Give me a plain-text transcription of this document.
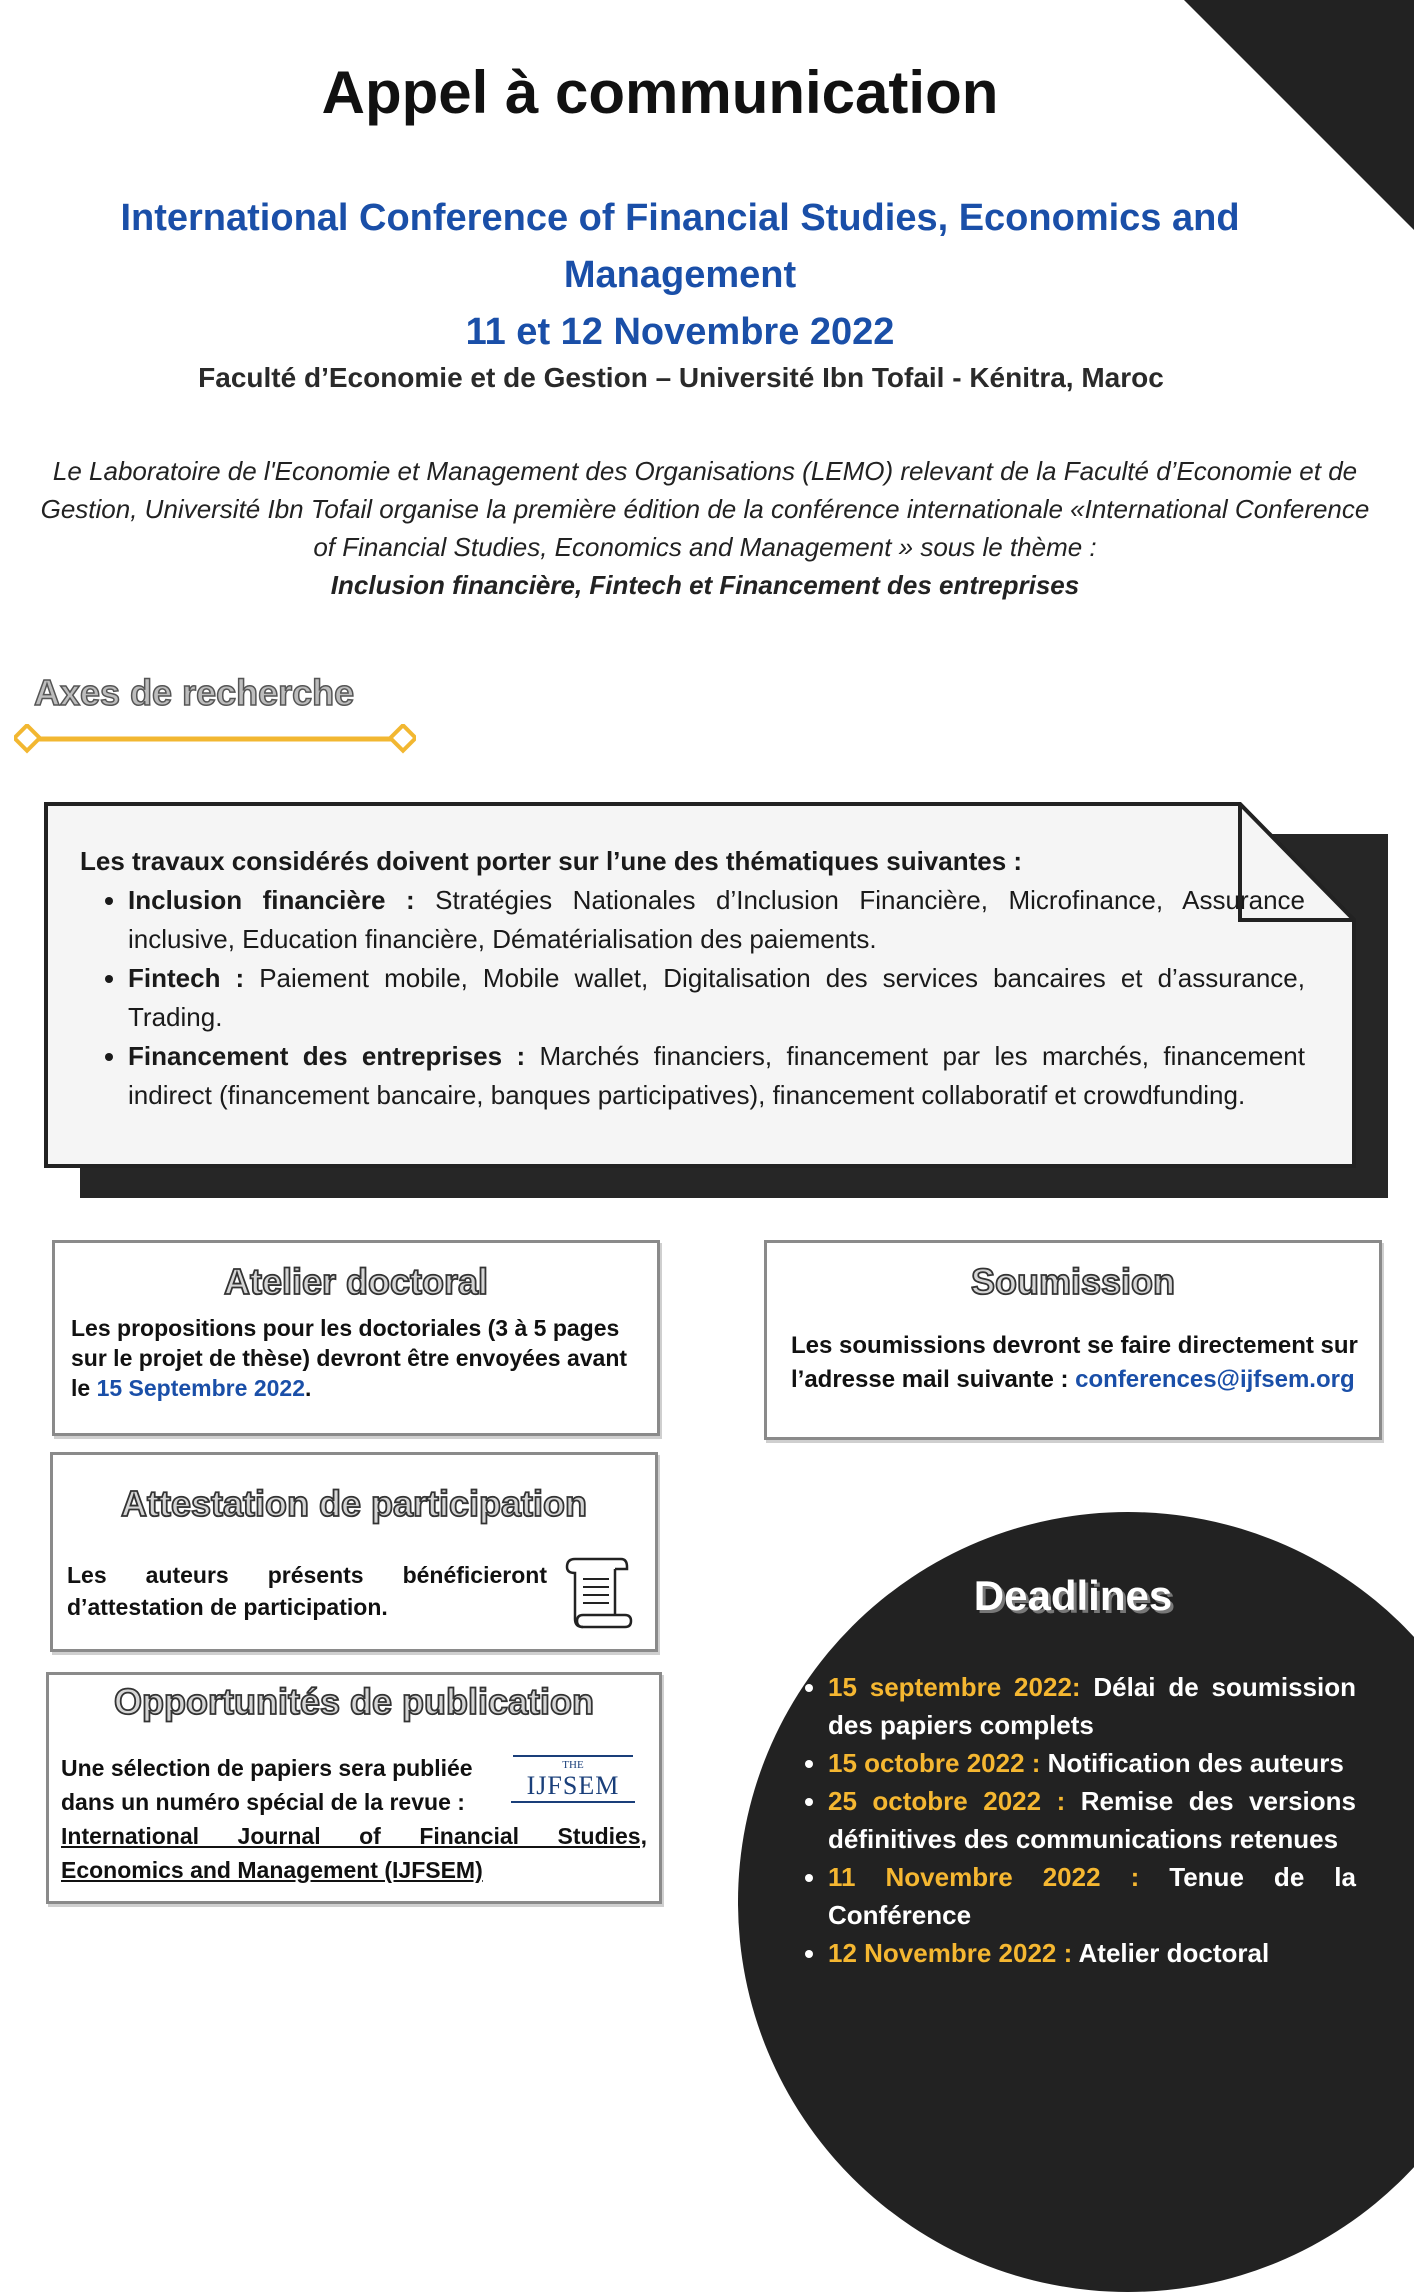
Appel à communication
International Conference of Financial Studies, Economics and
Management
11 et 12 Novembre 2022
Faculté d’Economie et de Gestion – Université Ibn Tofail - Kénitra, Maroc
Le Laboratoire de l'Economie et Management des Organisations (LEMO) relevant de la Faculté d’Economie et de Gestion, Université Ibn Tofail organise la première édition de la conférence internationale «International Conference of Financial Studies, Economics and Management » sous le thème :
Inclusion financière, Fintech et Financement des entreprises
Axes de recherche
Les travaux considérés doivent porter sur l’une des thématiques suivantes :
• Inclusion financière : Stratégies Nationales d’Inclusion Financière, Microfinance, Assurance inclusive, Education financière, Dématérialisation des paiements.
• Fintech : Paiement mobile, Mobile wallet, Digitalisation des services bancaires et d’assurance, Trading.
• Financement des entreprises : Marchés financiers, financement par les marchés, financement indirect (financement bancaire, banques participatives), financement collaboratif et crowdfunding.
Atelier doctoral
Les propositions pour les doctoriales (3 à 5 pages sur le projet de thèse) devront être envoyées avant le 15 Septembre 2022.
Soumission
Les soumissions devront se faire directement sur l’adresse mail suivante : conferences@ijfsem.org
Attestation de participation
Les auteurs présents bénéficieront d’attestation de participation.
Opportunités de publication
Une sélection de papiers sera publiée dans un numéro spécial de la revue :
THE
IJFSEM
International Journal of Financial Studies, Economics and Management (IJFSEM)
Deadlines
• 15 septembre 2022: Délai de soumission des papiers complets
• 15 octobre 2022 : Notification des auteurs
• 25 octobre 2022 : Remise des versions définitives des communications retenues
• 11 Novembre 2022 : Tenue de la Conférence
• 12 Novembre 2022 : Atelier doctoral
